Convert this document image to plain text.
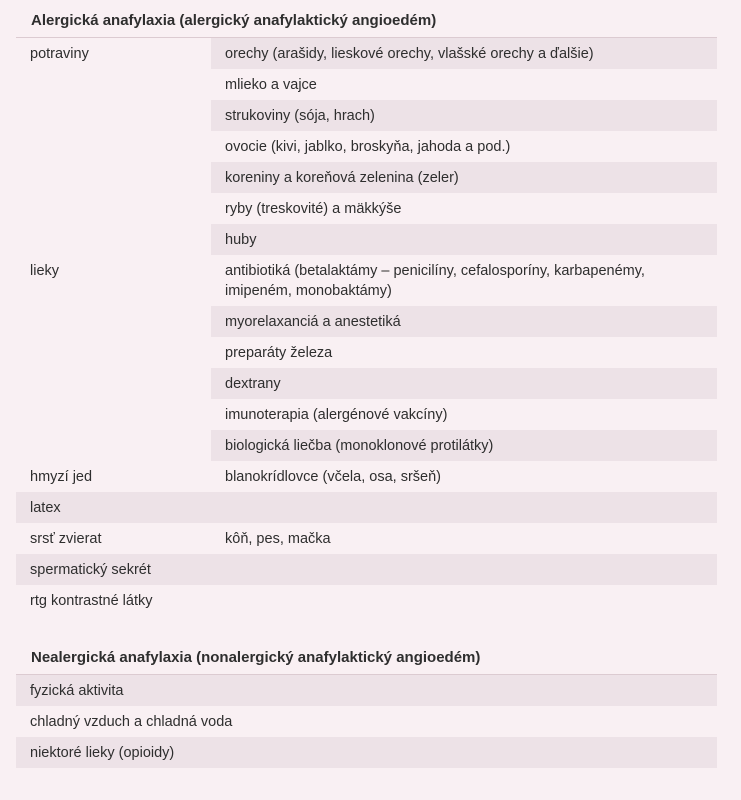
Alergická anafylaxia (alergický anafylaktický angioedém)
potraviny	orechy (arašidy, lieskové orechy, vlašské orechy a ďalšie)
	mlieko a vajce
	strukoviny (sója, hrach)
	ovocie (kivi, jablko, broskyňa, jahoda a pod.)
	koreniny a koreňová zelenina (zeler)
	ryby (treskovité) a mäkkýše
	huby
lieky	antibiotiká (betalaktámy – penicilíny, cefalosporíny, karbapenémy, imipeném, monobaktámy)
	myorelaxanciá a anestetiká
	preparáty železa
	dextrany
	imunoterapia (alergénové vakcíny)
	biologická liečba (monoklonové protilátky)
hmyzí jed	blanokrídlovce (včela, osa, sršeň)
latex	
srsť zvierat	kôň, pes, mačka
spermatický sekrét	
rtg kontrastné látky	
Nealergická anafylaxia (nonalergický anafylaktický angioedém)
fyzická aktivita
chladný vzduch a chladná voda
niektoré lieky (opioidy)
